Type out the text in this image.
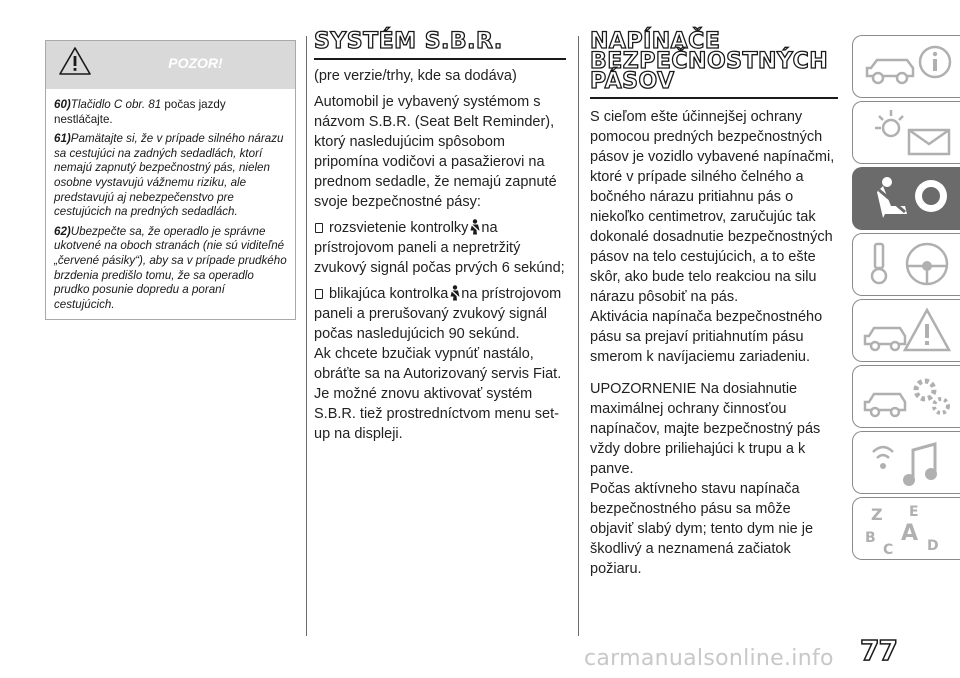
POZOR!

60)Tlačidlo C obr. 81 počas jazdy nestláčajte.

61)Pamätajte si, že v prípade silného nárazu sa cestujúci na zadných sedadlách, ktorí nemajú zapnutý bezpečnostný pás, nielen osobne vystavujú vážnemu riziku, ale predstavujú aj nebezpečenstvo pre cestujúcich na predných sedadlách.

62)Ubezpečte sa, že operadlo je správne ukotvené na oboch stranách (nie sú viditeľné „červené pásiky“), aby sa v prípade prudkého brzdenia predišlo tomu, že sa operadlo prudko posunie dopredu a poraní cestujúcich.

SYSTÉM S.B.R.

(pre verzie/trhy, kde sa dodáva)

Automobil je vybavený systémom s názvom S.B.R. (Seat Belt Reminder), ktorý nasledujúcim spôsobom pripomína vodičovi a pasažierovi na prednom sedadle, že nemajú zapnuté svoje bezpečnostné pásy:

rozsvietenie kontrolky na prístrojovom paneli a nepretržitý zvukový signál počas prvých 6 sekúnd;

blikajúca kontrolka na prístrojovom paneli a prerušovaný zvukový signál počas nasledujúcich 90 sekúnd.

Ak chcete bzučiak vypnúť nastálo, obráťte sa na Autorizovaný servis Fiat. Je možné znovu aktivovať systém S.B.R. tiež prostredníctvom menu set-up na displeji.

NAPÍNAČE
BEZPEČNOSTNÝCH
PÁSOV

S cieľom ešte účinnejšej ochrany pomocou predných bezpečnostných pásov je vozidlo vybavené napínačmi, ktoré v prípade silného čelného a bočného nárazu pritiahnu pás o niekoľko centimetrov, zaručujúc tak dokonalé dosadnutie bezpečnostných pásov na telo cestujúcich, a to ešte skôr, ako bude telo reakciou na silu nárazu pôsobiť na pás.

Aktivácia napínača bezpečnostného pásu sa prejaví pritiahnutím pásu smerom k navíjaciemu zariadeniu.

UPOZORNENIE Na dosiahnutie maximálnej ochrany činnosťou napínačov, majte bezpečnostný pás vždy dobre priliehajúci k trupu a k panve.

Počas aktívneho stavu napínača bezpečnostného pásu sa môže objaviť slabý dym; tento dym nie je škodlivý a neznamená začiatok požiaru.

Z E
A
B
C D
77
carmanualsonline.info
